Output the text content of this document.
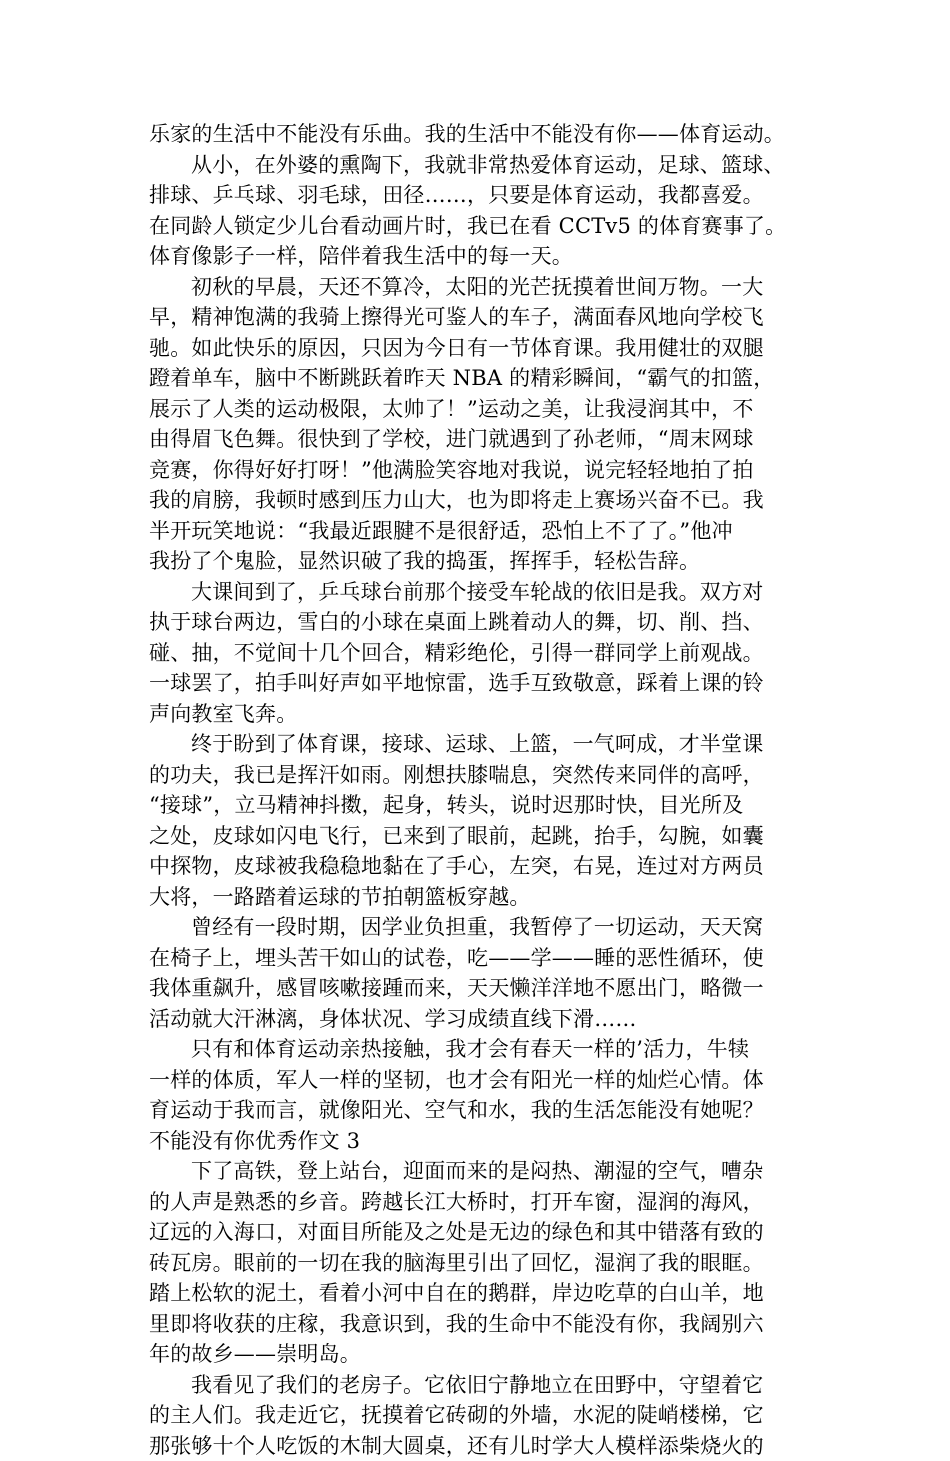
乐家的生活中不能没有乐曲。我的生活中不能没有你——体育运动。
从小，在外婆的熏陶下，我就非常热爱体育运动，足球、篮球、
排球、乒乓球、羽毛球，田径……，只要是体育运动，我都喜爱。
在同龄人锁定少儿台看动画片时，我已在看 CCTv5 的体育赛事了。
体育像影子一样，陪伴着我生活中的每一天。
初秋的早晨，天还不算冷，太阳的光芒抚摸着世间万物。一大
早，精神饱满的我骑上擦得光可鉴人的车子，满面春风地向学校飞
驰。如此快乐的原因，只因为今日有一节体育课。我用健壮的双腿
蹬着单车，脑中不断跳跃着昨天 NBA 的精彩瞬间，“霸气的扣篮，
展示了人类的运动极限，太帅了！”运动之美，让我浸润其中，不
由得眉飞色舞。很快到了学校，进门就遇到了孙老师，“周末网球
竞赛，你得好好打呀！”他满脸笑容地对我说，说完轻轻地拍了拍
我的肩膀，我顿时感到压力山大，也为即将走上赛场兴奋不已。我
半开玩笑地说：“我最近跟腱不是很舒适，恐怕上不了了。”他冲
我扮了个鬼脸，显然识破了我的捣蛋，挥挥手，轻松告辞。
大课间到了，乒乓球台前那个接受车轮战的依旧是我。双方对
执于球台两边，雪白的小球在桌面上跳着动人的舞，切、削、挡、
碰、抽，不觉间十几个回合，精彩绝伦，引得一群同学上前观战。
一球罢了，拍手叫好声如平地惊雷，选手互致敬意，踩着上课的铃
声向教室飞奔。
终于盼到了体育课，接球、运球、上篮，一气呵成，才半堂课
的功夫，我已是挥汗如雨。刚想扶膝喘息，突然传来同伴的高呼，
“接球”，立马精神抖擞，起身，转头，说时迟那时快，目光所及
之处，皮球如闪电飞行，已来到了眼前，起跳，抬手，勾腕，如囊
中探物，皮球被我稳稳地黏在了手心，左突，右晃，连过对方两员
大将，一路踏着运球的节拍朝篮板穿越。
曾经有一段时期，因学业负担重，我暂停了一切运动，天天窝
在椅子上，埋头苦干如山的试卷，吃——学——睡的恶性循环，使
我体重飙升，感冒咳嗽接踵而来，天天懒洋洋地不愿出门，略微一
活动就大汗淋漓，身体状况、学习成绩直线下滑……
只有和体育运动亲热接触，我才会有春天一样的’活力，牛犊
一样的体质，军人一样的坚韧，也才会有阳光一样的灿烂心情。体
育运动于我而言，就像阳光、空气和水，我的生活怎能没有她呢？
不能没有你优秀作文 3
下了高铁，登上站台，迎面而来的是闷热、潮湿的空气，嘈杂
的人声是熟悉的乡音。跨越长江大桥时，打开车窗，湿润的海风，
辽远的入海口，对面目所能及之处是无边的绿色和其中错落有致的
砖瓦房。眼前的一切在我的脑海里引出了回忆，湿润了我的眼眶。
踏上松软的泥土，看着小河中自在的鹅群，岸边吃草的白山羊，地
里即将收获的庄稼，我意识到，我的生命中不能没有你，我阔别六
年的故乡——崇明岛。
我看见了我们的老房子。它依旧宁静地立在田野中，守望着它
的主人们。我走近它，抚摸着它砖砌的外墙，水泥的陡峭楼梯，它
那张够十个人吃饭的木制大圆桌，还有儿时学大人模样添柴烧火的
